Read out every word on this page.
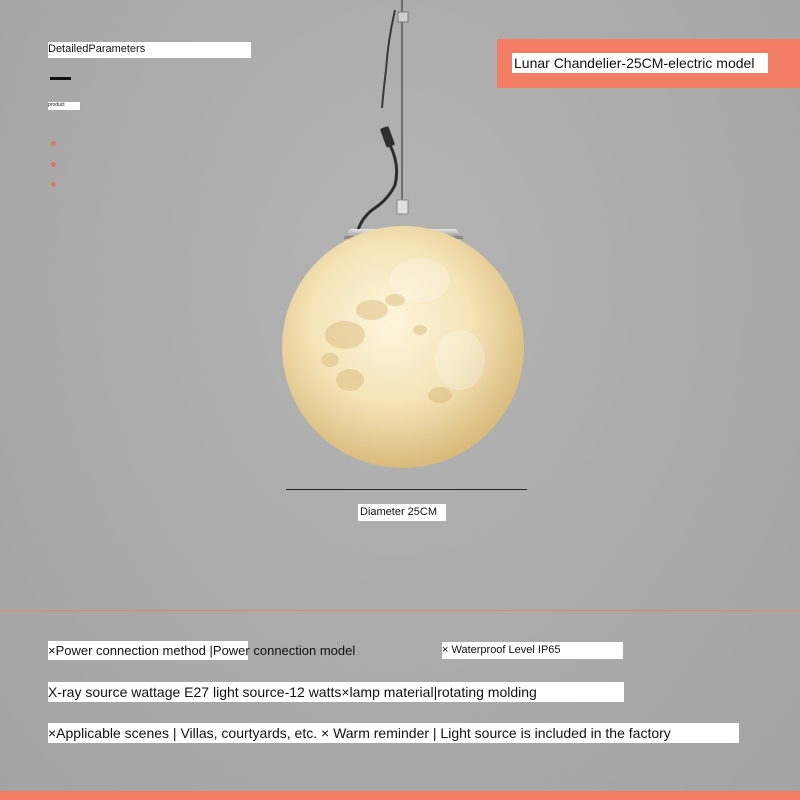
DetailedParameters
product
Lunar Chandelier-25CM-electric model
Diameter 25CM
×Power connection method |Power connection model	× Waterproof Level IP65
X-ray source wattage E27 light source-12 watts×lamp material|rotating molding
×Applicable scenes | Villas, courtyards, etc. × Warm reminder | Light source is included in the factory
